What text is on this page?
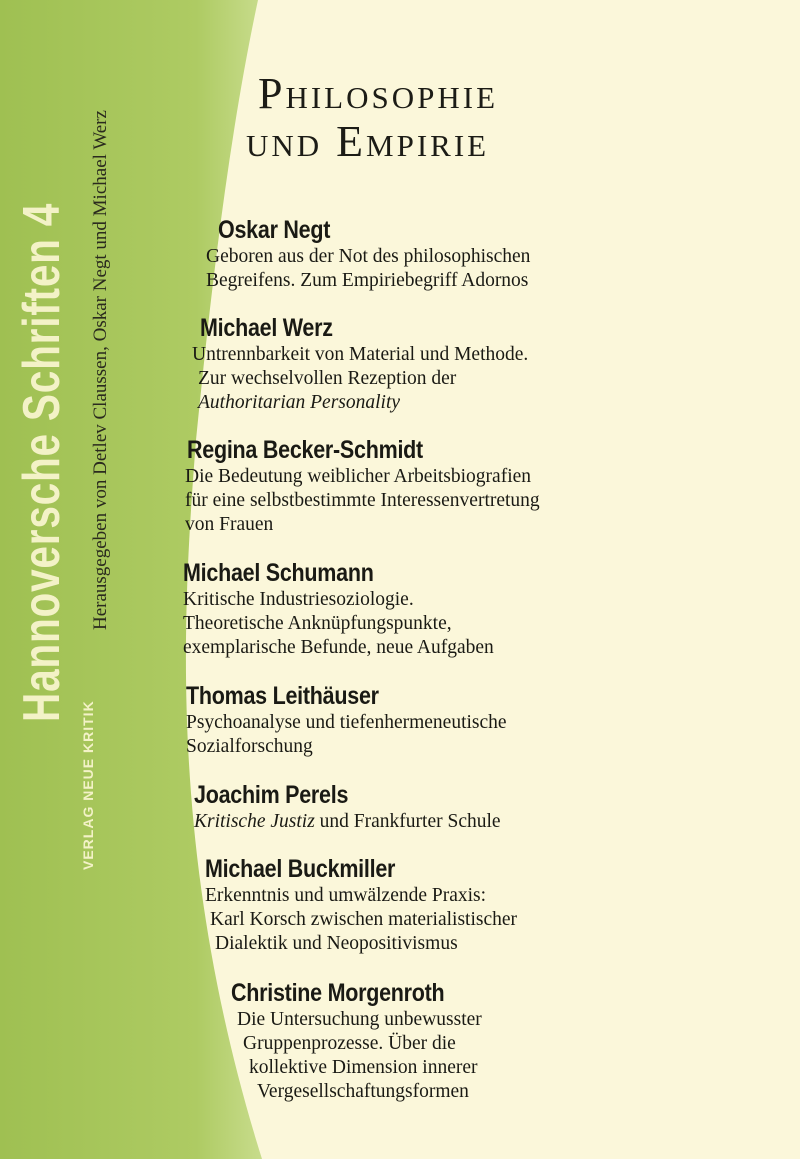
Hannoversche Schriften 4 Herausgegeben von Detlev Claussen, Oskar Negt und Michael Werz
VERLAG NEUE KRITIK
Philosophie
und Empirie
Oskar Negt
Geboren aus der Not des philosophischen
Begreifens. Zum Empiriebegriff Adornos
Michael Werz
Untrennbarkeit von Material und Methode.
Zur wechselvollen Rezeption der
Authoritarian Personality
Regina Becker-Schmidt
Die Bedeutung weiblicher Arbeitsbiografien
für eine selbstbestimmte Interessenvertretung
von Frauen
Michael Schumann
Kritische Industriesoziologie.
Theoretische Anknüpfungspunkte,
exemplarische Befunde, neue Aufgaben
Thomas Leithäuser
Psychoanalyse und tiefenhermeneutische
Sozialforschung
Joachim Perels
Kritische Justiz und Frankfurter Schule
Michael Buckmiller
Erkenntnis und umwälzende Praxis:
Karl Korsch zwischen materialistischer
Dialektik und Neopositivismus
Christine Morgenroth
Die Untersuchung unbewusster
Gruppenprozesse. Über die
kollektive Dimension innerer
Vergesellschaftungsformen
